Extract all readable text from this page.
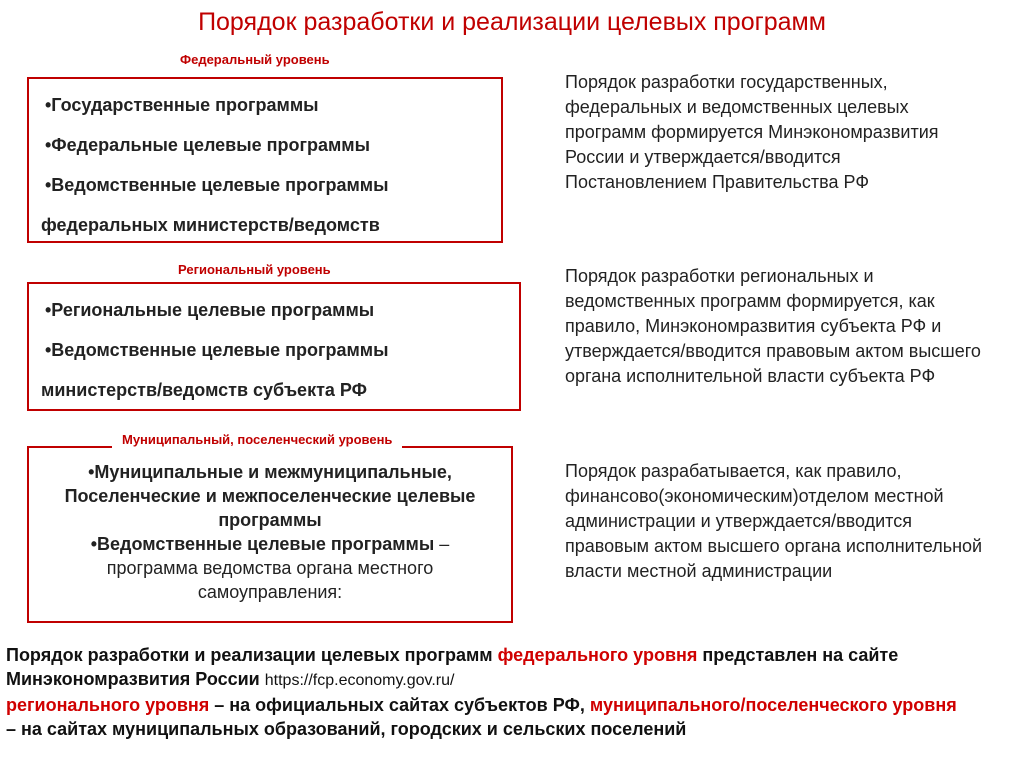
Порядок разработки и реализации целевых программ
•Государственные программы
•Федеральные целевые программы
•Ведомственные целевые программы
федеральных министерств/ведомств
Федеральный уровень
Порядок разработки государственных, федеральных и ведомственных целевых программ формируется Минэкономразвития России и утверждается/вводится Постановлением Правительства РФ
•Региональные целевые программы
•Ведомственные целевые программы
министерств/ведомств субъекта РФ
Региональный уровень	Порядок разработки региональных и ведомственных программ формируется, как правило, Минэкономразвития субъекта РФ и утверждается/вводится правовым актом высшего органа исполнительной власти субъекта РФ
•Муниципальные и межмуниципальные,
Поселенческие и межпоселенческие целевые
программы
•Ведомственные целевые программы –
программа ведомства органа местного
самоуправления:
Муниципальный, поселенческий уровень
Порядок разрабатывается, как правило, финансово(экономическим)отделом местной администрации и утверждается/вводится правовым актом высшего органа исполнительной власти местной администрации
Порядок разработки и реализации целевых программ федерального уровня представлен на сайте
Минэкономразвития России https://fcp.economy.gov.ru/
регионального уровня – на официальных сайтах субъектов РФ, муниципального/поселенческого уровня
– на сайтах муниципальных образований, городских и сельских поселений
